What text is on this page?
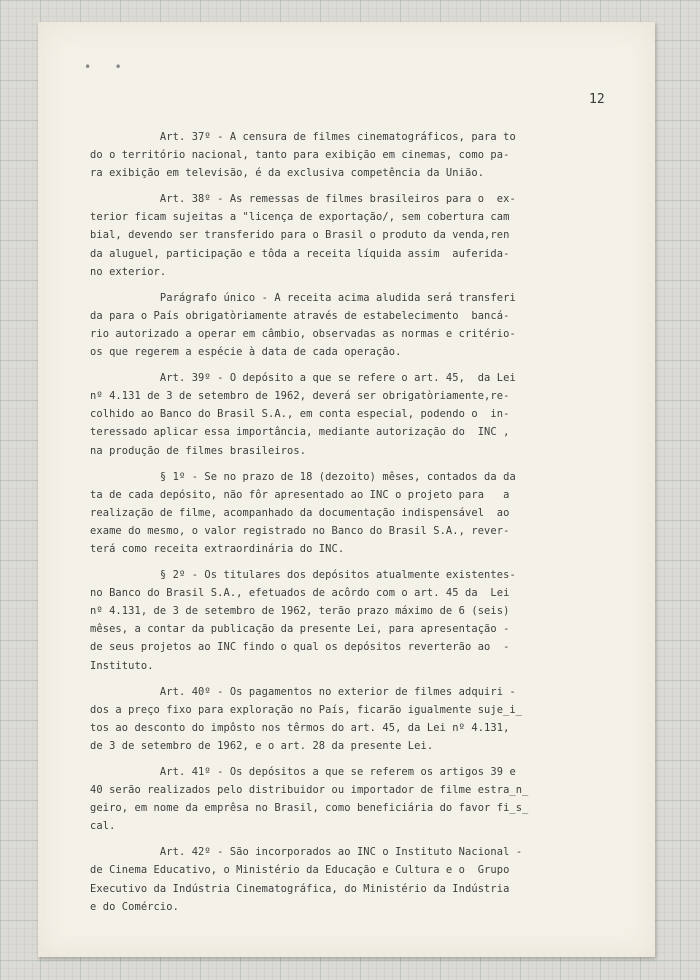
• •
12
Art. 37º - A censura de filmes cinematográficos, para to
do o território nacional, tanto para exibição em cinemas, como pa-
ra exibição em televisão, é da exclusiva competência da União.
Art. 38º - As remessas de filmes brasileiros para o  ex-
terior ficam sujeitas a "licença de exportação/, sem cobertura cam
bial, devendo ser transferido para o Brasil o produto da venda,ren
da aluguel, participação e tôda a receita líquida assim  auferida-
no exterior.
Parágrafo único - A receita acima aludida será transferi
da para o País obrigatòriamente através de estabelecimento  bancá-
rio autorizado a operar em câmbio, observadas as normas e critério-
os que regerem a espécie à data de cada operação.
Art. 39º - O depósito a que se refere o art. 45,  da Lei
nº 4.131 de 3 de setembro de 1962, deverá ser obrigatòriamente,re-
colhido ao Banco do Brasil S.A., em conta especial, podendo o  in-
teressado aplicar essa importância, mediante autorização do  INC ,
na produção de filmes brasileiros.
§ 1º - Se no prazo de 18 (dezoito) mêses, contados da da
ta de cada depósito, não fôr apresentado ao INC o projeto para   a
realização de filme, acompanhado da documentação indispensável  ao
exame do mesmo, o valor registrado no Banco do Brasil S.A., rever-
terá como receita extraordinária do INC.
§ 2º - Os titulares dos depósitos atualmente existentes-
no Banco do Brasil S.A., efetuados de acôrdo com o art. 45 da  Lei
nº 4.131, de 3 de setembro de 1962, terão prazo máximo de 6 (seis)
mêses, a contar da publicação da presente Lei, para apresentação -
de seus projetos ao INC findo o qual os depósitos reverterão ao  -
Instituto.
Art. 40º - Os pagamentos no exterior de filmes adquiri -
dos a preço fixo para exploração no País, ficarão igualmente suje̲i̲
tos ao desconto do impôsto nos têrmos do art. 45, da Lei nº 4.131,
de 3 de setembro de 1962, e o art. 28 da presente Lei.
Art. 41º - Os depósitos a que se referem os artigos 39 e
40 serão realizados pelo distribuidor ou importador de filme estra̲n̲
geiro, em nome da emprêsa no Brasil, como beneficiária do favor fi̲s̲
cal.
Art. 42º - São incorporados ao INC o Instituto Nacional -
de Cinema Educativo, o Ministério da Educação e Cultura e o  Grupo
Executivo da Indústria Cinematográfica, do Ministério da Indústria
e do Comércio.
